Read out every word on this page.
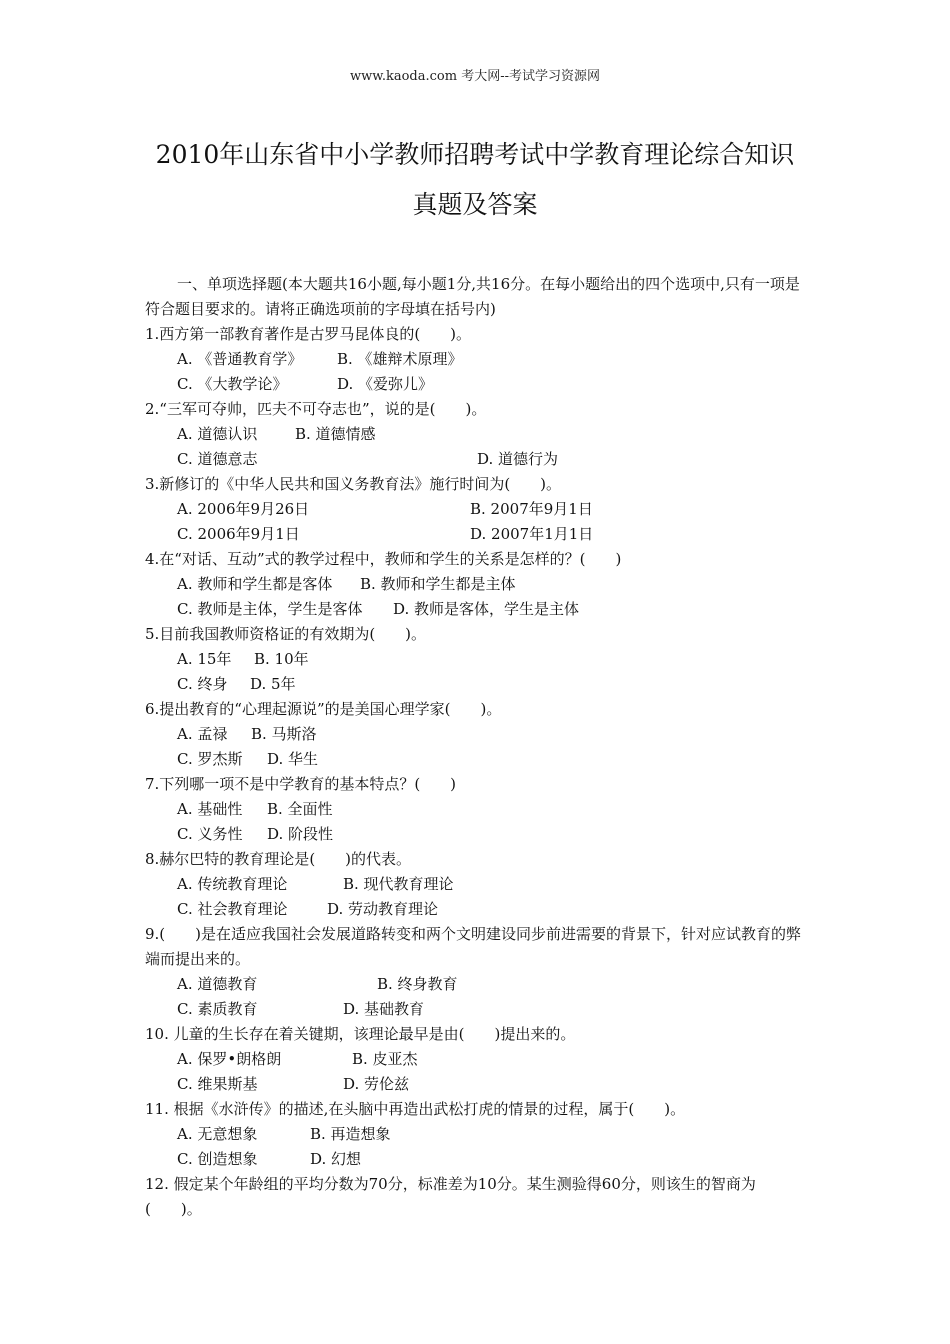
www.kaoda.com 考大网--考试学习资源网
2010年山东省中小学教师招聘考试中学教育理论综合知识
真题及答案

一、单项选择题(本大题共16小题,每小题1分,共16分。在每小题给出的四个选项中,只有一项是符合题目要求的。请将正确选项前的字母填在括号内)

1.西方第一部教育著作是古罗马昆体良的(　　)。

A. 《普通教育学》	B. 《雄辩术原理》
C. 《大教学论》	D. 《爱弥儿》

2.“三军可夺帅，匹夫不可夺志也”，说的是(　　)。

A. 道德认识	B. 道德情感
C. 道德意志	D. 道德行为

3.新修订的《中华人民共和国义务教育法》施行时间为(　　)。

A. 2006年9月26日	B. 2007年9月1日
C. 2006年9月1日	D. 2007年1月1日

4.在“对话、互动”式的教学过程中，教师和学生的关系是怎样的？(　　)

A. 教师和学生都是客体	B. 教师和学生都是主体
C. 教师是主体，学生是客体	D. 教师是客体，学生是主体

5.目前我国教师资格证的有效期为(　　)。

A. 15年	B. 10年
C. 终身	D. 5年

6.提出教育的“心理起源说”的是美国心理学家(　　)。

A. 孟禄	B. 马斯洛
C. 罗杰斯	D. 华生

7.下列哪一项不是中学教育的基本特点？(　　)

A. 基础性	B. 全面性
C. 义务性	D. 阶段性

8.赫尔巴特的教育理论是(　　)的代表。

A. 传统教育理论	B. 现代教育理论
C. 社会教育理论	D. 劳动教育理论

9.(　　)是在适应我国社会发展道路转变和两个文明建设同步前进需要的背景下，针对应试教育的弊端而提出来的。

A. 道德教育	B. 终身教育
C. 素质教育	D. 基础教育

10. 儿童的生长存在着关键期，该理论最早是由(　　)提出来的。

A. 保罗•朗格朗	B. 皮亚杰
C. 维果斯基	D. 劳伦兹

11. 根据《水浒传》的描述,在头脑中再造出武松打虎的情景的过程，属于(　　)。

A. 无意想象	B. 再造想象
C. 创造想象	D. 幻想

12. 假定某个年龄组的平均分数为70分，标准差为10分。某生测验得60分，则该生的智商为(　　)。
